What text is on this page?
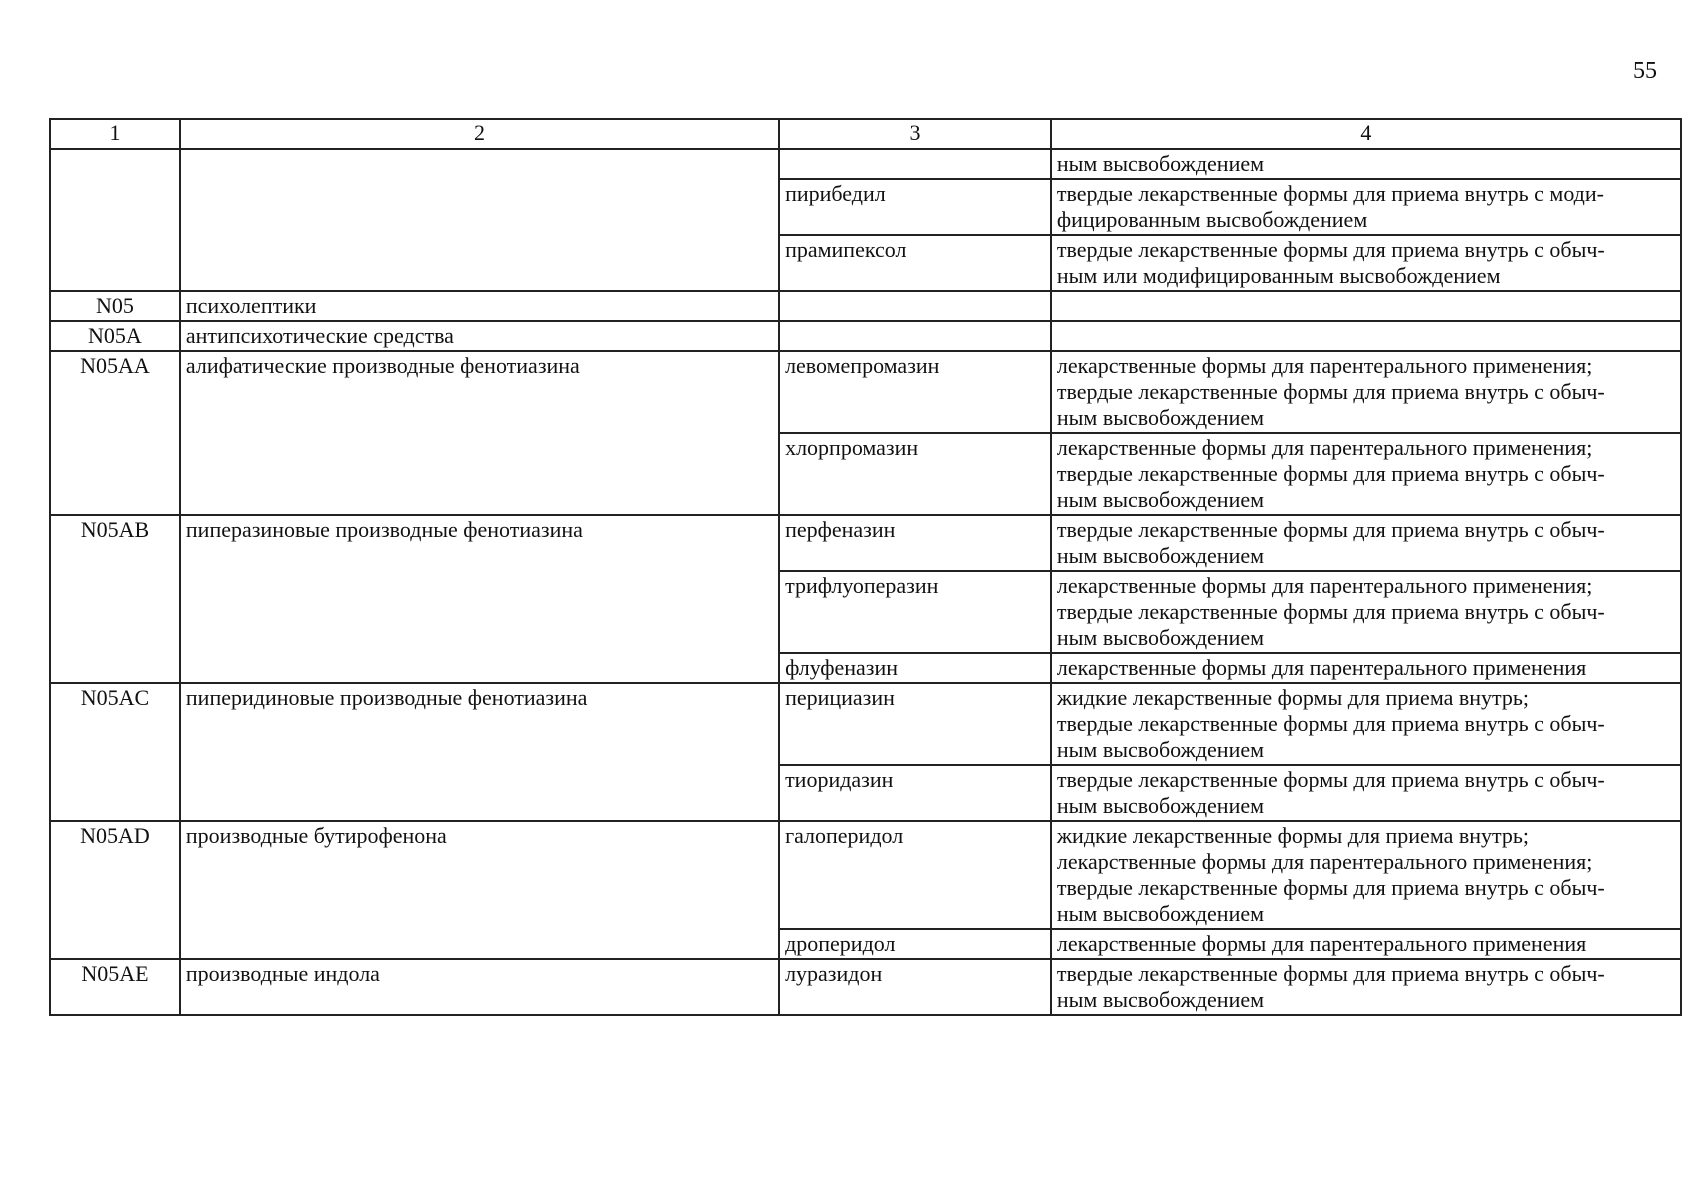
55
1	2	3	4

			ным высвобождением

		пирибедил	твердые лекарственные формы для приема внутрь с моди-
фицированным высвобождением

		прамипексол	твердые лекарственные формы для приема внутрь с обыч-
ным или модифицированным высвобождением

N05	психолептики		

N05A	антипсихотические средства		

N05AA	алифатические производные фенотиазина	левомепромазин	лекарственные формы для парентерального применения;
твердые лекарственные формы для приема внутрь с обыч-
ным высвобождением

		хлорпромазин	лекарственные формы для парентерального применения;
твердые лекарственные формы для приема внутрь с обыч-
ным высвобождением

N05AB	пиперазиновые производные фенотиазина	перфеназин	твердые лекарственные формы для приема внутрь с обыч-
ным высвобождением

		трифлуоперазин	лекарственные формы для парентерального применения;
твердые лекарственные формы для приема внутрь с обыч-
ным высвобождением

		флуфеназин	лекарственные формы для парентерального применения

N05AC	пиперидиновые производные фенотиазина	перициазин	жидкие лекарственные формы для приема внутрь;
твердые лекарственные формы для приема внутрь с обыч-
ным высвобождением

		тиоридазин	твердые лекарственные формы для приема внутрь с обыч-
ным высвобождением

N05AD	производные бутирофенона	галоперидол	жидкие лекарственные формы для приема внутрь;
лекарственные формы для парентерального применения;
твердые лекарственные формы для приема внутрь с обыч-
ным высвобождением

		дроперидол	лекарственные формы для парентерального применения

N05AE	производные индола	луразидон	твердые лекарственные формы для приема внутрь с обыч-
ным высвобождением
